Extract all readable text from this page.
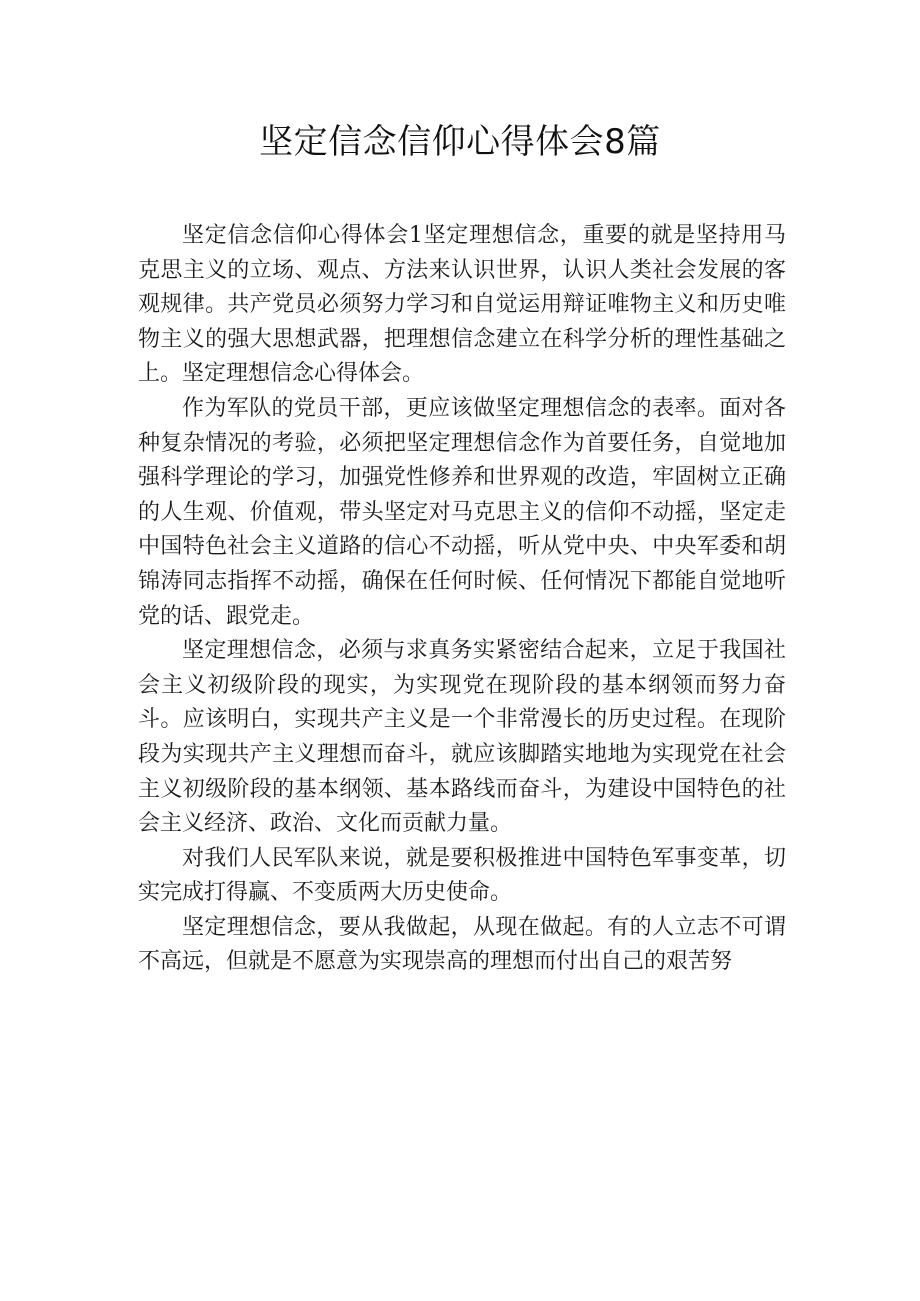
坚定信念信仰心得体会8篇

坚定信念信仰心得体会1坚定理想信念，重要的就是坚持用马克思主义的立场、观点、方法来认识世界，认识人类社会发展的客观规律。共产党员必须努力学习和自觉运用辩证唯物主义和历史唯物主义的强大思想武器，把理想信念建立在科学分析的理性基础之上。坚定理想信念心得体会。

作为军队的党员干部，更应该做坚定理想信念的表率。面对各种复杂情况的考验，必须把坚定理想信念作为首要任务，自觉地加强科学理论的学习，加强党性修养和世界观的改造，牢固树立正确的人生观、价值观，带头坚定对马克思主义的信仰不动摇，坚定走中国特色社会主义道路的信心不动摇，听从党中央、中央军委和胡锦涛同志指挥不动摇，确保在任何时候、任何情况下都能自觉地听党的话、跟党走。

坚定理想信念，必须与求真务实紧密结合起来，立足于我国社会主义初级阶段的现实，为实现党在现阶段的基本纲领而努力奋斗。应该明白，实现共产主义是一个非常漫长的历史过程。在现阶段为实现共产主义理想而奋斗，就应该脚踏实地地为实现党在社会主义初级阶段的基本纲领、基本路线而奋斗，为建设中国特色的社会主义经济、政治、文化而贡献力量。

对我们人民军队来说，就是要积极推进中国特色军事变革，切实完成打得赢、不变质两大历史使命。

坚定理想信念，要从我做起，从现在做起。有的人立志不可谓不高远，但就是不愿意为实现崇高的理想而付出自己的艰苦努
